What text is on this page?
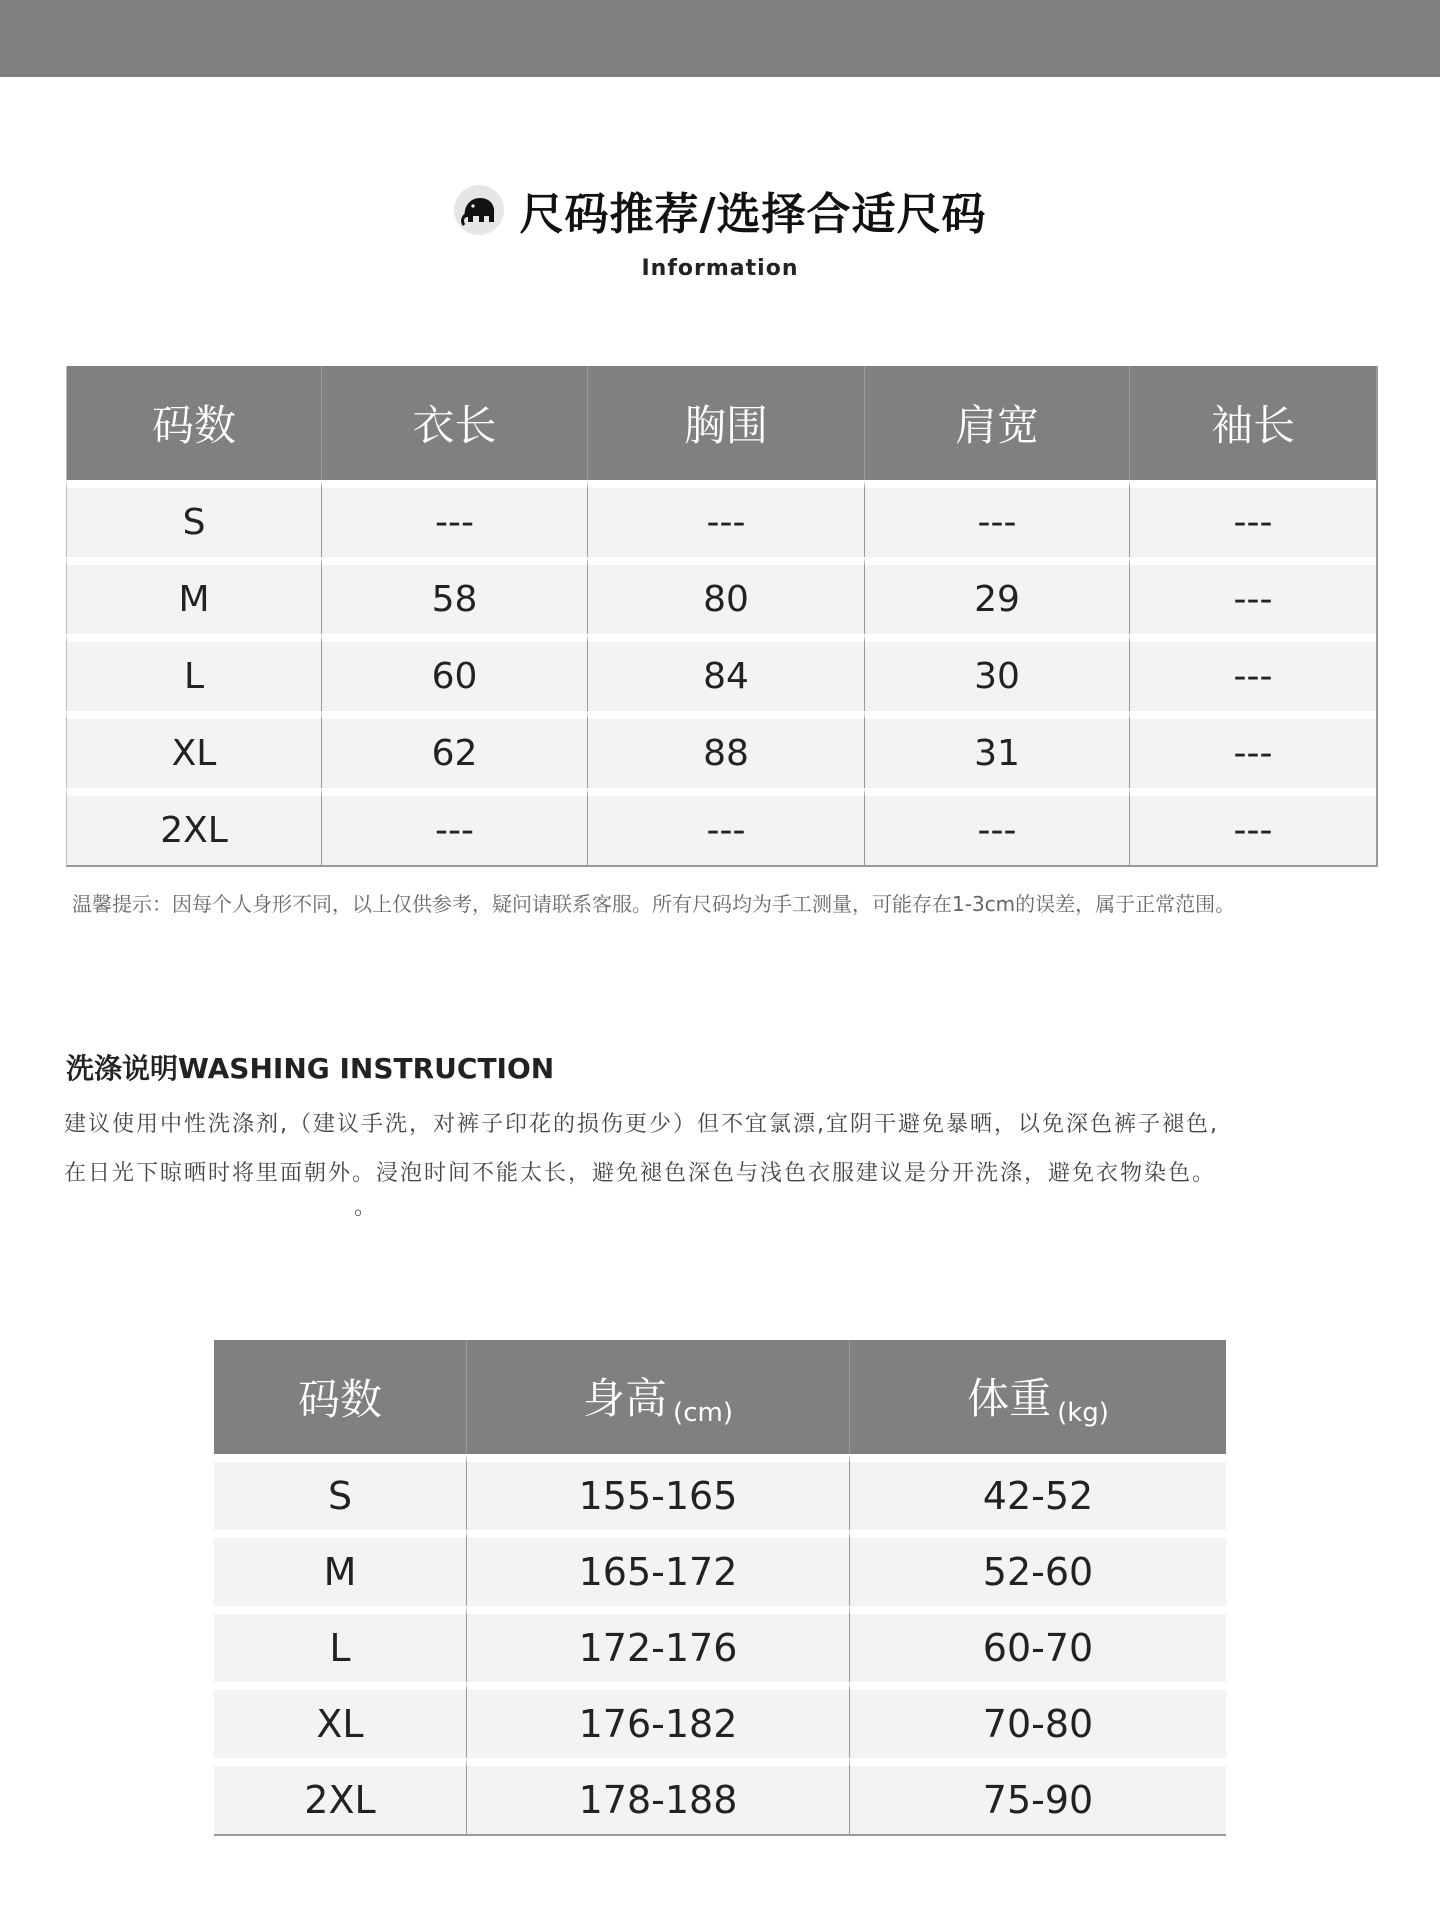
尺码推荐/选择合适尺码
Information
码数	衣长	胸围	肩宽	袖长
S	---	---	---	---
M	58	80	29	---
L	60	84	30	---
XL	62	88	31	---
2XL	---	---	---	---
温馨提示：因每个人身形不同，以上仅供参考，疑问请联系客服。所有尺码均为手工测量，可能存在1-3cm的误差，属于正常范围。
洗涤说明WASHING INSTRUCTION
建议使用中性洗涤剂,（建议手洗，对裤子印花的损伤更少）但不宜氯漂,宜阴干避免暴晒，以免深色裤子褪色,
在日光下晾晒时将里面朝外。浸泡时间不能太长，避免褪色深色与浅色衣服建议是分开洗涤，避免衣物染色。
。
码数	身高 (cm)	体重 (kg)
S	155-165	42-52
M	165-172	52-60
L	172-176	60-70
XL	176-182	70-80
2XL	178-188	75-90
